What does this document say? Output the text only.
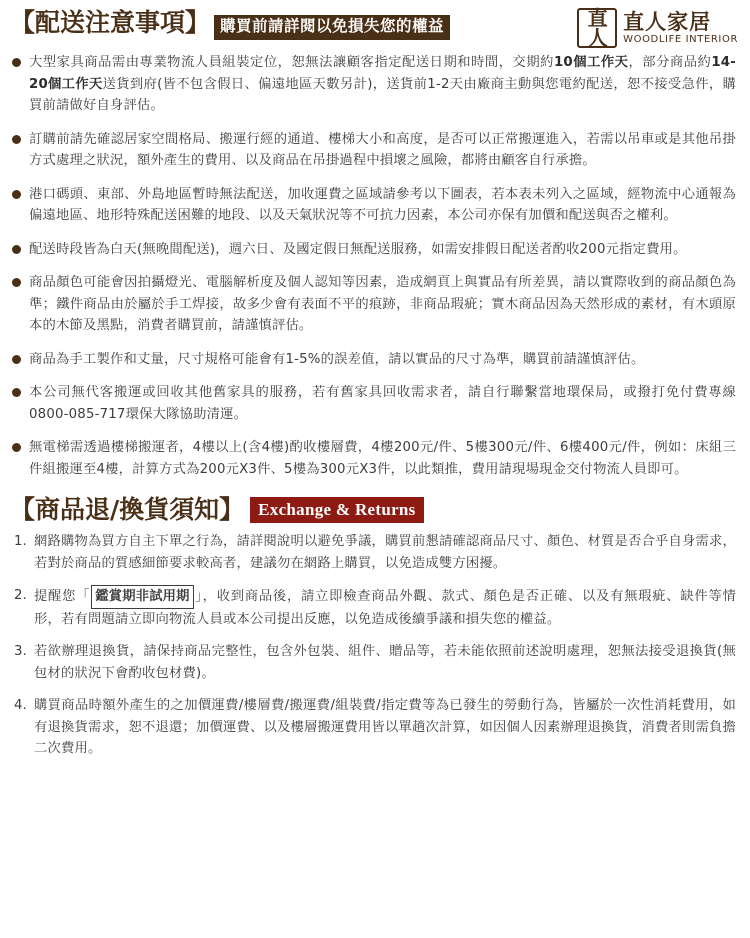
【配送注意事項】 購買前請詳閱以免損失您的權益	直人
直人家居
WOODLIFE INTERIOR
大型家具商品需由專業物流人員組裝定位，恕無法讓顧客指定配送日期和時間，交期約10個工作天，部分商品約14-20個工作天送貨到府(皆不包含假日、偏遠地區天數另計)，送貨前1-2天由廠商主動與您電約配送，恕不接受急件，購買前請做好自身評估。
訂購前請先確認居家空間格局、搬運行經的通道、樓梯大小和高度，是否可以正常搬運進入，若需以吊車或是其他吊掛方式處理之狀況，額外產生的費用、以及商品在吊掛過程中損壞之風險，都將由顧客自行承擔。
港口碼頭、東部、外島地區暫時無法配送，加收運費之區域請參考以下圖表，若本表未列入之區域，經物流中心通報為偏遠地區、地形特殊配送困難的地段、以及天氣狀況等不可抗力因素，本公司亦保有加價和配送與否之權利。
配送時段皆為白天(無晚間配送)，週六日、及國定假日無配送服務，如需安排假日配送者酌收200元指定費用。
商品顏色可能會因拍攝燈光、電腦解析度及個人認知等因素，造成網頁上與實品有所差異，請以實際收到的商品顏色為準；鐵件商品由於屬於手工焊接，故多少會有表面不平的痕跡，非商品瑕疵；實木商品因為天然形成的素材，有木頭原本的木節及黑點，消費者購買前，請謹慎評估。
商品為手工製作和丈量，尺寸規格可能會有1-5%的誤差值，請以實品的尺寸為準，購買前請謹慎評估。
本公司無代客搬運或回收其他舊家具的服務，若有舊家具回收需求者，請自行聯繫當地環保局，或撥打免付費專線0800-085-717環保大隊協助清運。
無電梯需透過樓梯搬運者，4樓以上(含4樓)酌收樓層費，4樓200元/件、5樓300元/件、6樓400元/件，例如：床組三件組搬運至4樓，計算方式為200元X3件、5樓為300元X3件，以此類推，費用請現場現金交付物流人員即可。
【商品退/換貨須知】 Exchange & Returns
1. 網路購物為買方自主下單之行為，請詳閱說明以避免爭議，購買前懇請確認商品尺寸、顏色、材質是否合乎自身需求，若對於商品的質感細節要求較高者，建議勿在網路上購買，以免造成雙方困擾。
2. 提醒您「 鑑賞期非試用期 」，收到商品後，請立即檢查商品外觀、款式、顏色是否正確、以及有無瑕疵、缺件等情形，若有問題請立即向物流人員或本公司提出反應，以免造成後續爭議和損失您的權益。
3. 若欲辦理退換貨，請保持商品完整性，包含外包裝、組件、贈品等，若未能依照前述說明處理，恕無法接受退換貨(無包材的狀況下會酌收包材費)。
4. 購買商品時額外產生的之加價運費/樓層費/搬運費/組裝費/指定費等為已發生的勞動行為，皆屬於一次性消耗費用，如有退換貨需求，恕不退還；加價運費、以及樓層搬運費用皆以單趟次計算，如因個人因素辦理退換貨，消費者則需負擔二次費用。
